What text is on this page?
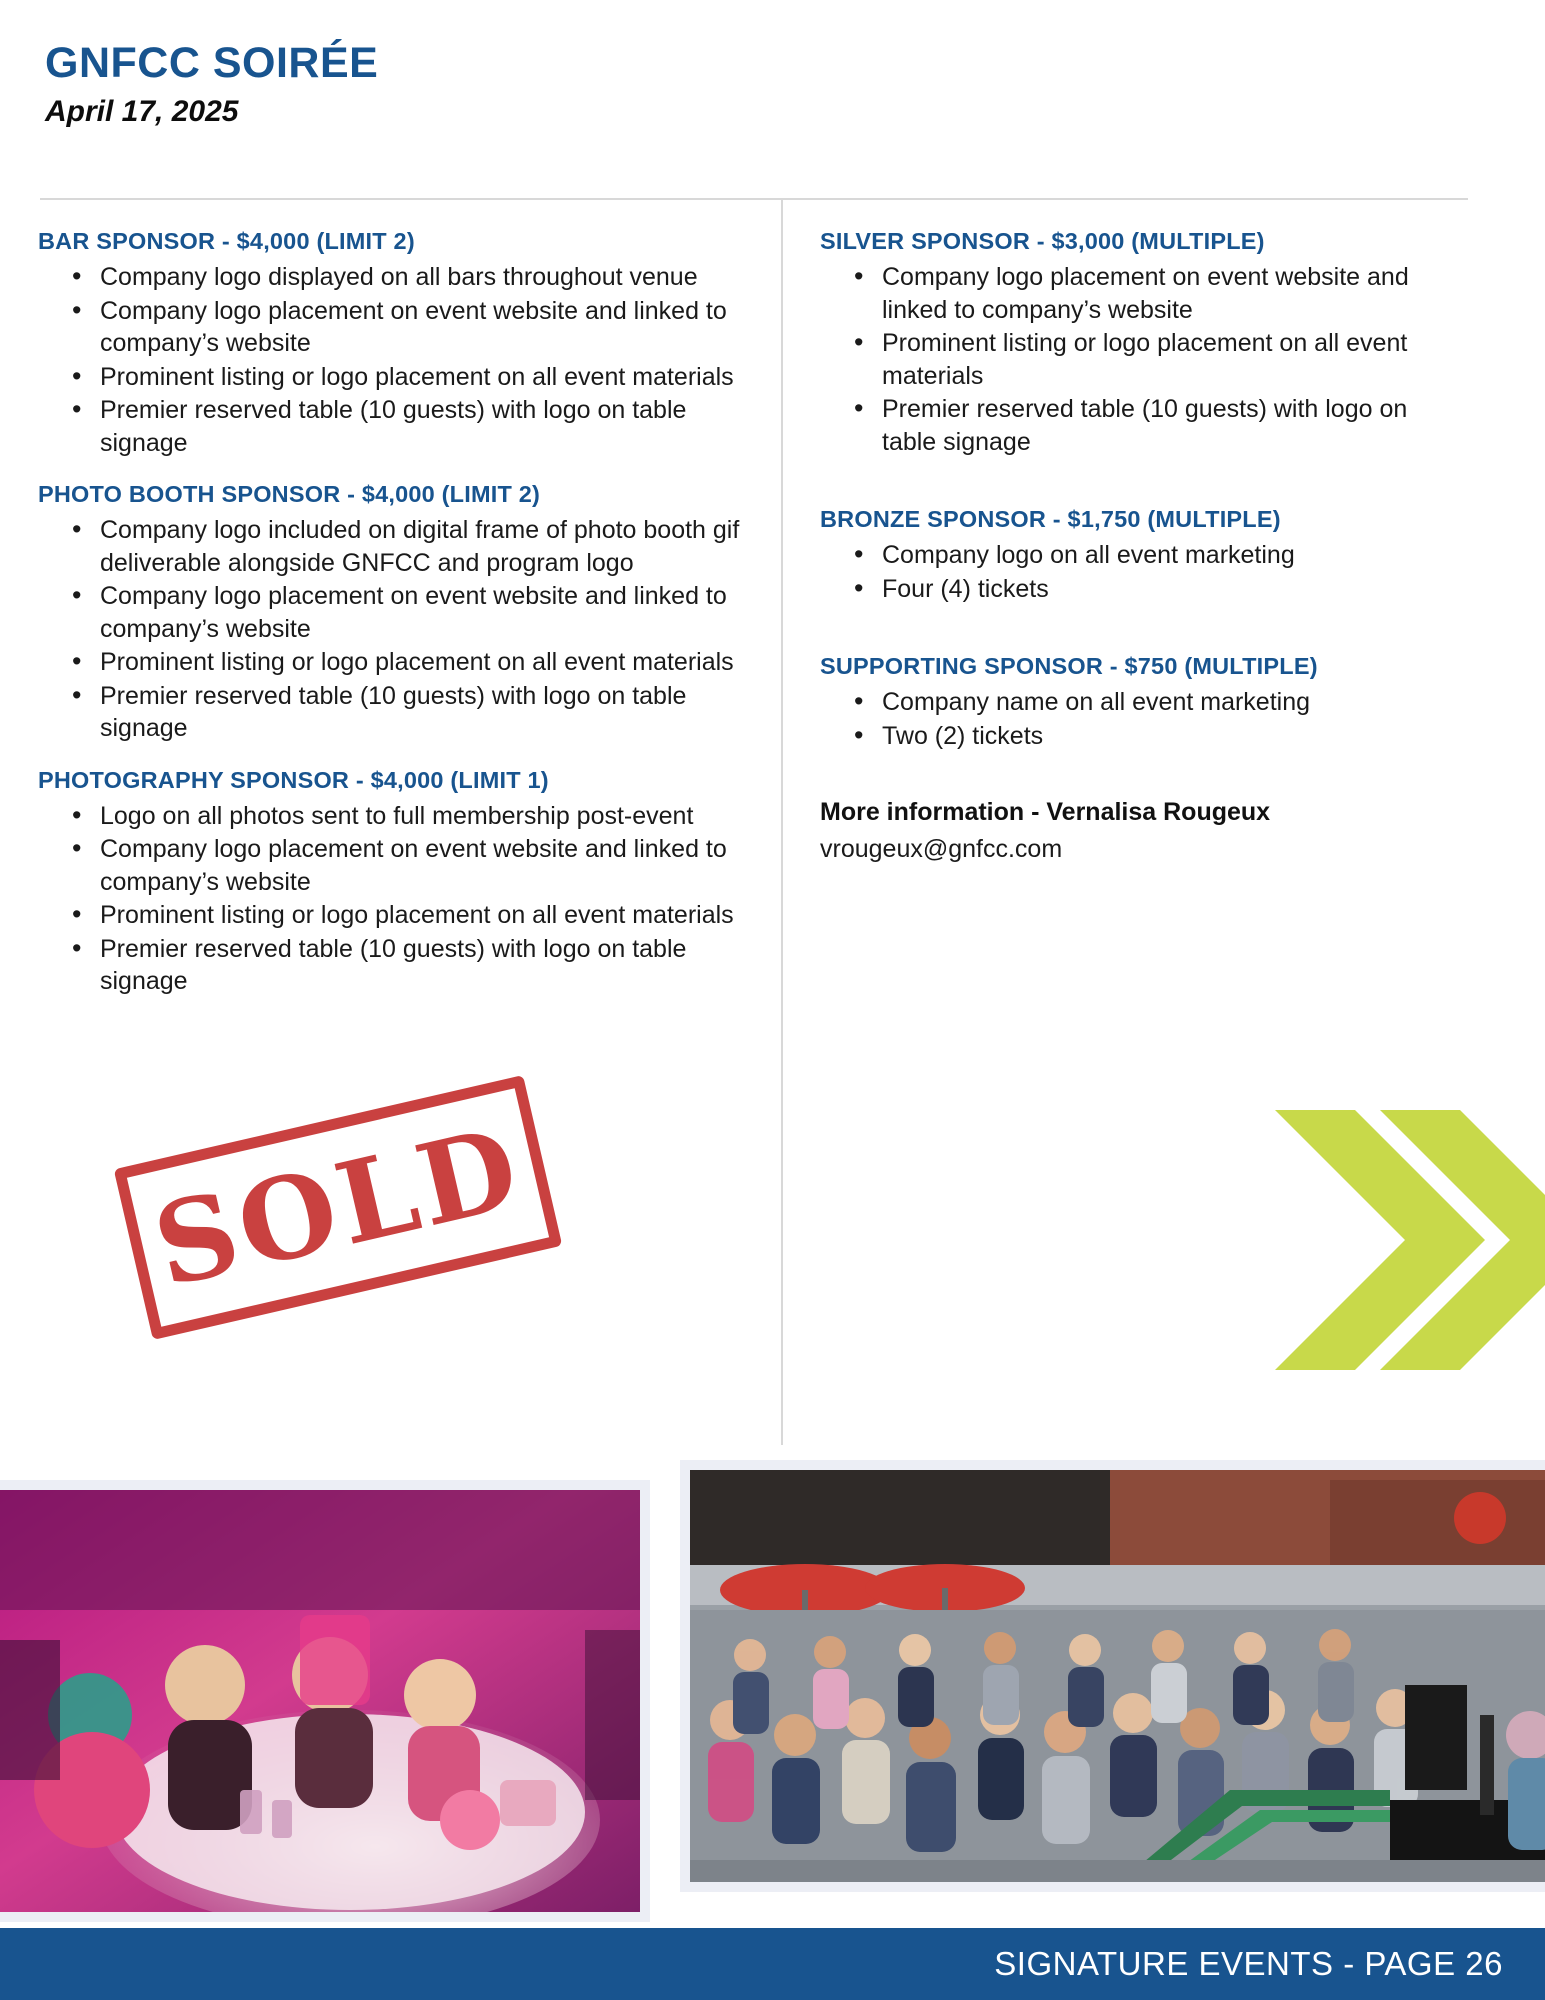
GNFCC SOIRÉE
April 17, 2025
BAR SPONSOR - $4,000 (LIMIT 2)
• Company logo displayed on all bars throughout venue
• Company logo placement on event website and linked to company’s website
• Prominent listing or logo placement on all event materials
• Premier reserved table (10 guests) with logo on table signage
PHOTO BOOTH SPONSOR - $4,000 (LIMIT 2)
• Company logo included on digital frame of photo booth gif deliverable alongside GNFCC and program logo
• Company logo placement on event website and linked to company’s website
• Prominent listing or logo placement on all event materials
• Premier reserved table (10 guests) with logo on table signage
PHOTOGRAPHY SPONSOR - $4,000 (LIMIT 1)
• Logo on all photos sent to full membership post-event
• Company logo placement on event website and linked to company’s website
• Prominent listing or logo placement on all event materials
• Premier reserved table (10 guests) with logo on table signage
SILVER SPONSOR - $3,000 (MULTIPLE)
• Company logo placement on event website and linked to company’s website
• Prominent listing or logo placement on all event materials
• Premier reserved table (10 guests) with logo on table signage
BRONZE SPONSOR - $1,750 (MULTIPLE)
• Company logo on all event marketing
• Four (4) tickets
SUPPORTING SPONSOR - $750 (MULTIPLE)
• Company name on all event marketing
• Two (2) tickets
More information - Vernalisa Rougeux
vrougeux@gnfcc.com
SOLD
SIGNATURE EVENTS - PAGE 26
